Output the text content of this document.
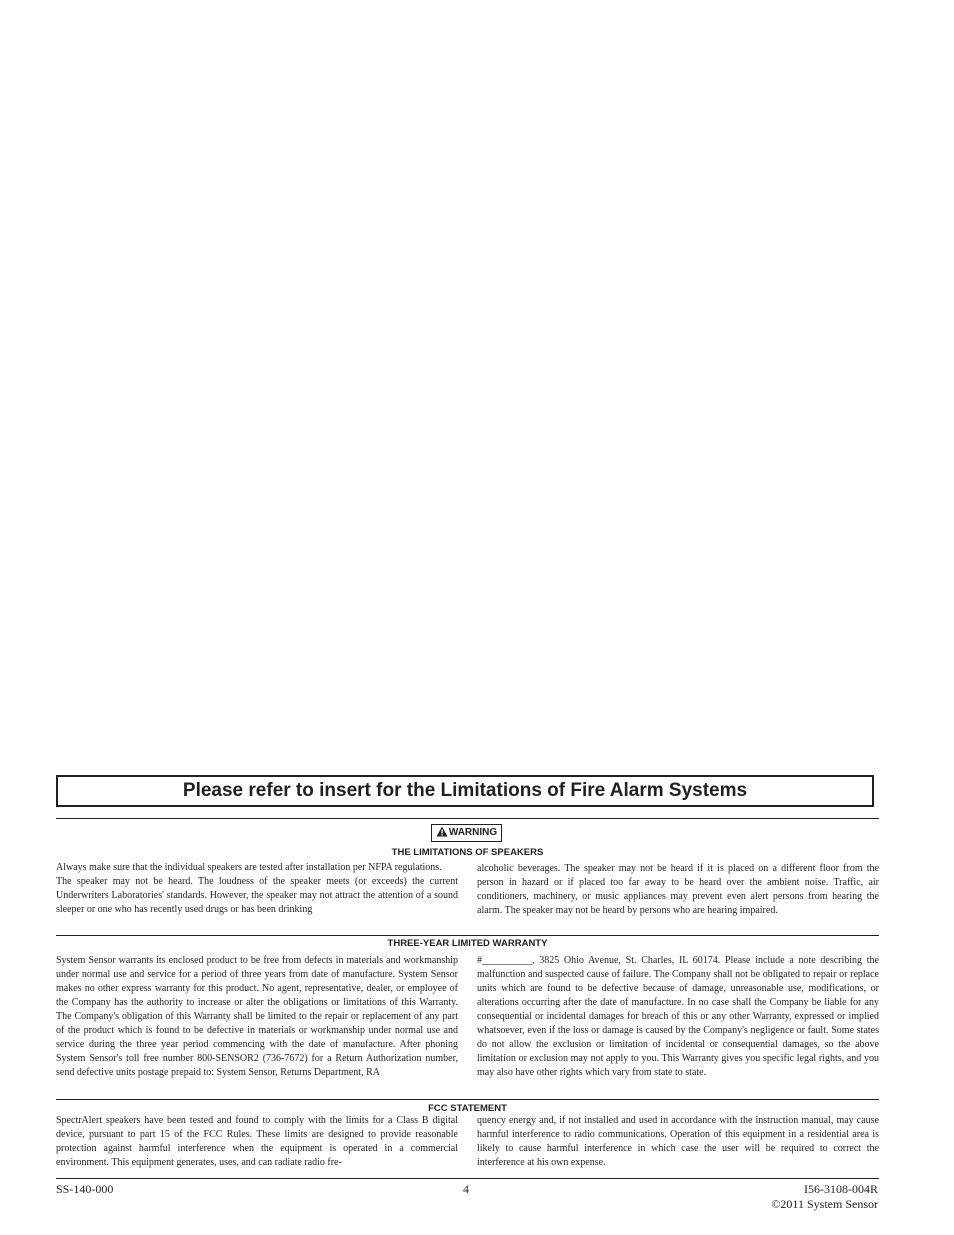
Please refer to insert for the Limitations of Fire Alarm Systems
WARNING
THE LIMITATIONS OF SPEAKERS

Always make sure that the individual speakers are tested after installation per NFPA regulations.

The speaker may not be heard. The loudness of the speaker meets (or exceeds) the current Underwriters Laboratories' standards. However, the speaker may not attract the attention of a sound sleeper or one who has recently used drugs or has been drinking

alcoholic beverages. The speaker may not be heard if it is placed on a different floor from the person in hazard or if placed too far away to be heard over the ambient noise. Traffic, air conditioners, machinery, or music appliances may prevent even alert persons from hearing the alarm. The speaker may not be heard by persons who are hearing impaired.
THREE-YEAR LIMITED WARRANTY
System Sensor warrants its enclosed product to be free from defects in materials and workmanship under normal use and service for a period of three years from date of manufacture. System Sensor makes no other express warranty for this product. No agent, representative, dealer, or employee of the Company has the authority to increase or alter the obligations or limitations of this Warranty. The Company's obligation of this Warranty shall be limited to the repair or replacement of any part of the product which is found to be defective in materials or workmanship under normal use and service during the three year period commencing with the date of manufacture. After phoning System Sensor's toll free number 800-SENSOR2 (736-7672) for a Return Authorization number, send defective units postage prepaid to: System Sensor, Returns Department, RA
#__________, 3825 Ohio Avenue, St. Charles, IL 60174. Please include a note describing the malfunction and suspected cause of failure. The Company shall not be obligated to repair or replace units which are found to be defective because of damage, unreasonable use, modifications, or alterations occurring after the date of manufacture. In no case shall the Company be liable for any consequential or incidental damages for breach of this or any other Warranty, expressed or implied whatsoever, even if the loss or damage is caused by the Company's negligence or fault. Some states do not allow the exclusion or limitation of incidental or consequential damages, so the above limitation or exclusion may not apply to you. This Warranty gives you specific legal rights, and you may also have other rights which vary from state to state.
FCC STATEMENT
SpectrAlert speakers have been tested and found to comply with the limits for a Class B digital device, pursuant to part 15 of the FCC Rules. These limits are designed to provide reasonable protection against harmful interference when the equipment is operated in a commercial environment. This equipment generates, uses, and can radiate radio fre-
quency energy and, if not installed and used in accordance with the instruction manual, may cause harmful interference to radio communications. Operation of this equipment in a residential area is likely to cause harmful interference in which case the user will be required to correct the interference at his own expense.
SS-140-000	4	I56-3108-004R
©2011 System Sensor
